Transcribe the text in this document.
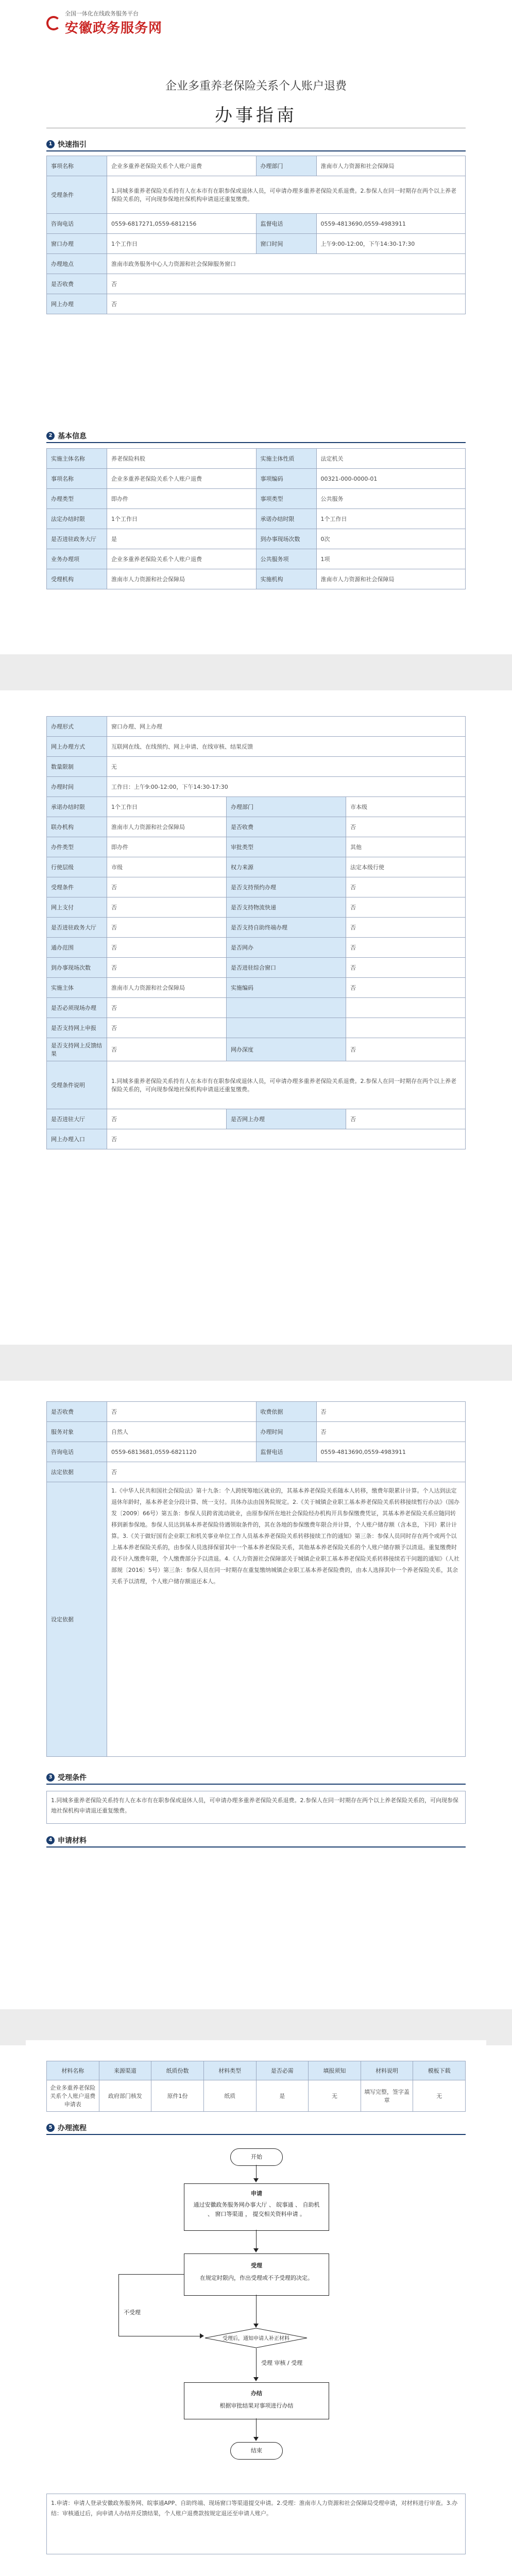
全国一体化在线政务服务平台
安徽政务服务网
企业多重养老保险关系个人账户退费
办事指南
1 快速指引
事项名称	企业多重养老保险关系个人账户退费	办理部门	淮南市人力资源和社会保障局
受理条件	1.同城多重养老保险关系持有人在本市有在职参保或退休人员，可申请办理多重养老保险关系退费。2.参保人在同一时期存在两个以上养老保险关系的，可向现参保地社保机构申请退还重复缴费。		
咨询电话	0559-6817271,0559-6812156	监督电话	0559-4813690,0559-4983911
窗口办理	1个工作日	窗口时间	上午9:00-12:00，下午14:30-17:30
办理地点	淮南市政务服务中心人力资源和社会保障服务窗口		
是否收费	否		
网上办理	否		
2 基本信息
实施主体名称	养老保险科股	实施主体性质	法定机关
事项名称	企业多重养老保险关系个人账户退费	事项编码	00321-000-0000-01
办理类型	即办件	事项类型	公共服务
法定办结时限	1个工作日	承诺办结时限	1个工作日
是否进驻政务大厅	是	到办事现场次数	0次
业务办理项	企业多重养老保险关系个人账户退费	公共服务项	1项
受理机构	淮南市人力资源和社会保障局	实施机构	淮南市人力资源和社会保障局
办理形式	窗口办理、网上办理		
网上办理方式	互联网在线、在线预约、网上申请、在线审核、结果反馈		
数量限制	无		
办理时间	工作日：上午9:00-12:00，下午14:30-17:30		
承诺办结时限	1个工作日	办理部门	市本级
联办机构	淮南市人力资源和社会保障局	是否收费	否
办件类型	即办件	审批类型	其他
行使层级	市级	权力来源	法定本级行使
受理条件	否	是否支持预约办理	否
网上支付	否	是否支持物流快递	否
是否进驻政务大厅	否	是否支持自助终端办理	否
通办范围	否	是否网办	否
到办事现场次数	否	是否进驻综合窗口	否
实施主体	淮南市人力资源和社会保障局	实施编码	否
是否必须现场办理	否		
是否支持网上申报	否		
是否支持网上反馈结果	否	网办深度	否
受理条件说明	1.同城多重养老保险关系持有人在本市有在职参保或退休人员，可申请办理多重养老保险关系退费。2.参保人在同一时期存在两个以上养老保险关系的，可向现参保地社保机构申请退还重复缴费。		
是否进驻大厅	否	是否网上办理	否
网上办理入口	否		
是否收费	否	收费依据	否
服务对象	自然人	办理时间	否
咨询电话	0559-6813681,0559-6821120	监督电话	0559-4813690,0559-4983911
法定依据	否		
设定依据	1.《中华人民共和国社会保险法》第十九条：个人跨统筹地区就业的，其基本养老保险关系随本人转移，缴费年限累计计算。个人达到法定退休年龄时，基本养老金分段计算、统一支付。具体办法由国务院规定。2.《关于城镇企业职工基本养老保险关系转移接续暂行办法》（国办发〔2009〕66号）第五条：参保人员跨省流动就业，由原参保所在地社会保险经办机构开具参保缴费凭证，其基本养老保险关系应随同转移到新参保地。参保人员达到基本养老保险待遇领取条件的，其在各地的参保缴费年限合并计算，个人账户储存额（含本息，下同）累计计算。3.《关于做好国有企业职工和机关事业单位工作人员基本养老保险关系转移接续工作的通知》第三条：参保人员同时存在两个或两个以上基本养老保险关系的，由参保人员选择保留其中一个基本养老保险关系，其他基本养老保险关系的个人账户储存额予以清退。重复缴费时段不计入缴费年限，个人缴费部分予以清退。4.《人力资源社会保障部关于城镇企业职工基本养老保险关系转移接续若干问题的通知》（人社部规〔2016〕5号）第三条：参保人员在同一时期存在重复缴纳城镇企业职工基本养老保险费的，由本人选择其中一个养老保险关系，其余关系予以清理，个人账户储存额退还本人。		
3 受理条件
1.同城多重养老保险关系持有人在本市有在职参保或退休人员，可申请办理多重养老保险关系退费。2.参保人在同一时期存在两个以上养老保险关系的，可向现参保地社保机构申请退还重复缴费。
4 申请材料
材料名称	来源渠道	纸质份数	材料类型	是否必需	填报须知	材料说明	模板下载
企业多重养老保险关系个人账户退费申请表	政府部门核发	原件1份	纸质	是	无	填写完整，签字盖章	无
5 办理流程
开始
申请
通过安徽政务服务网办事大厅 、 皖事通 、 自助机 、 窗口等渠道 ， 提交相关资料申请 。
受理
在规定时限内，作出受理或不予受理的决定。
不受理
受理后，通知申请人补正材料
受理 审核 / 受理
办结
根据审批结果对事项进行办结
结束
1.申请：申请人登录安徽政务服务网、皖事通APP、自助终端、现场窗口等渠道提交申请。2.受理：淮南市人力资源和社会保障局受理申请，对材料进行审查。3.办结：审核通过后，向申请人办结并反馈结果，个人账户退费款按规定退还至申请人账户。
